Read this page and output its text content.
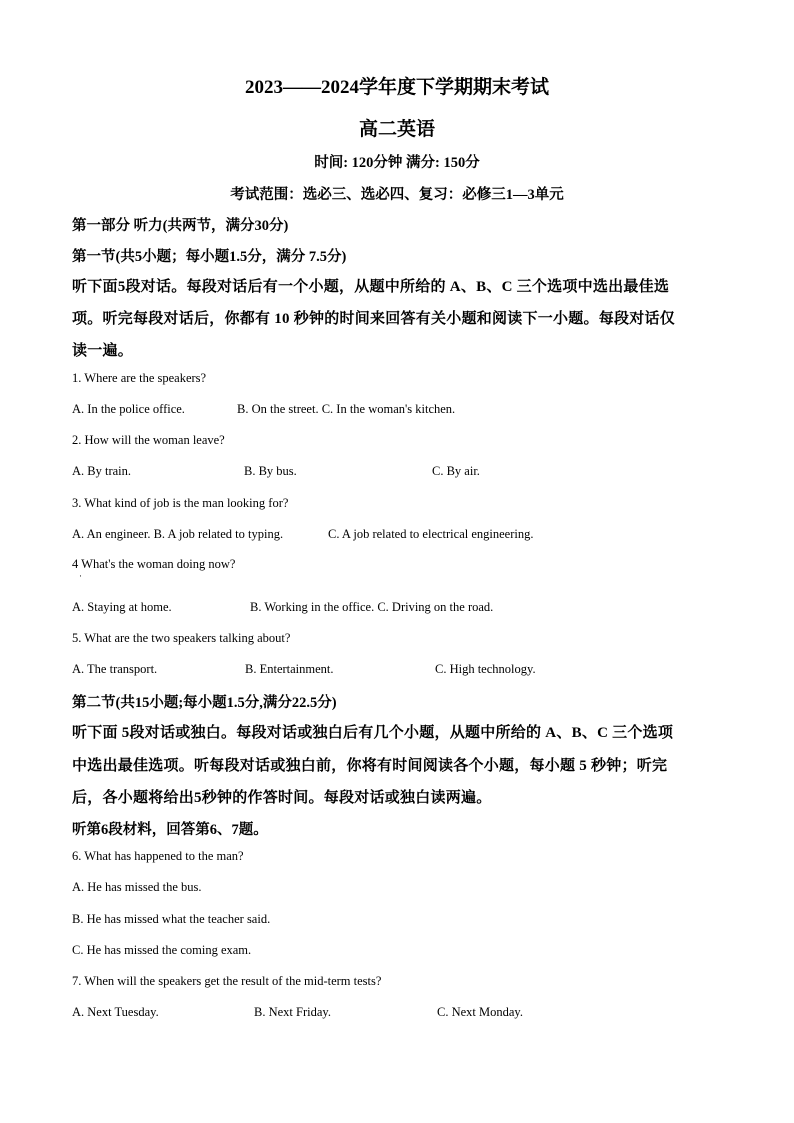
2023——2024学年度下学期期末考试
高二英语
时间: 120分钟 满分: 150分
考试范围：选必三、选必四、复习：必修三1—3单元
第一部分 听力(共两节，满分30分)
第一节(共5小题；每小题1.5分，满分 7.5分)
听下面5段对话。每段对话后有一个小题，从题中所给的 A、B、C 三个选项中选出最佳选
项。听完每段对话后，你都有 10 秒钟的时间来回答有关小题和阅读下一小题。每段对话仅
读一遍。
1. Where are the speakers?
A. In the police office.	B. On the street. C. In the woman's kitchen.
2. How will the woman leave?
A. By train.	B. By bus.	C. By air.
3. What kind of job is the man looking for?
A. An engineer. B. A job related to typing.	C. A job related to electrical engineering.
4 What's the woman doing now?
·
A. Staying at home.	B. Working in the office. C. Driving on the road.
5. What are the two speakers talking about?
A. The transport.	B. Entertainment.	C. High technology.
第二节(共15小题;每小题1.5分,满分22.5分)
听下面 5段对话或独白。每段对话或独白后有几个小题，从题中所给的 A、B、C 三个选项
中选出最佳选项。听每段对话或独白前，你将有时间阅读各个小题，每小题 5 秒钟；听完
后，各小题将给出5秒钟的作答时间。每段对话或独白读两遍。
听第6段材料，回答第6、7题。
6. What has happened to the man?
A. He has missed the bus.
B. He has missed what the teacher said.
C. He has missed the coming exam.
7. When will the speakers get the result of the mid-term tests?
A. Next Tuesday.	B. Next Friday.	C. Next Monday.
